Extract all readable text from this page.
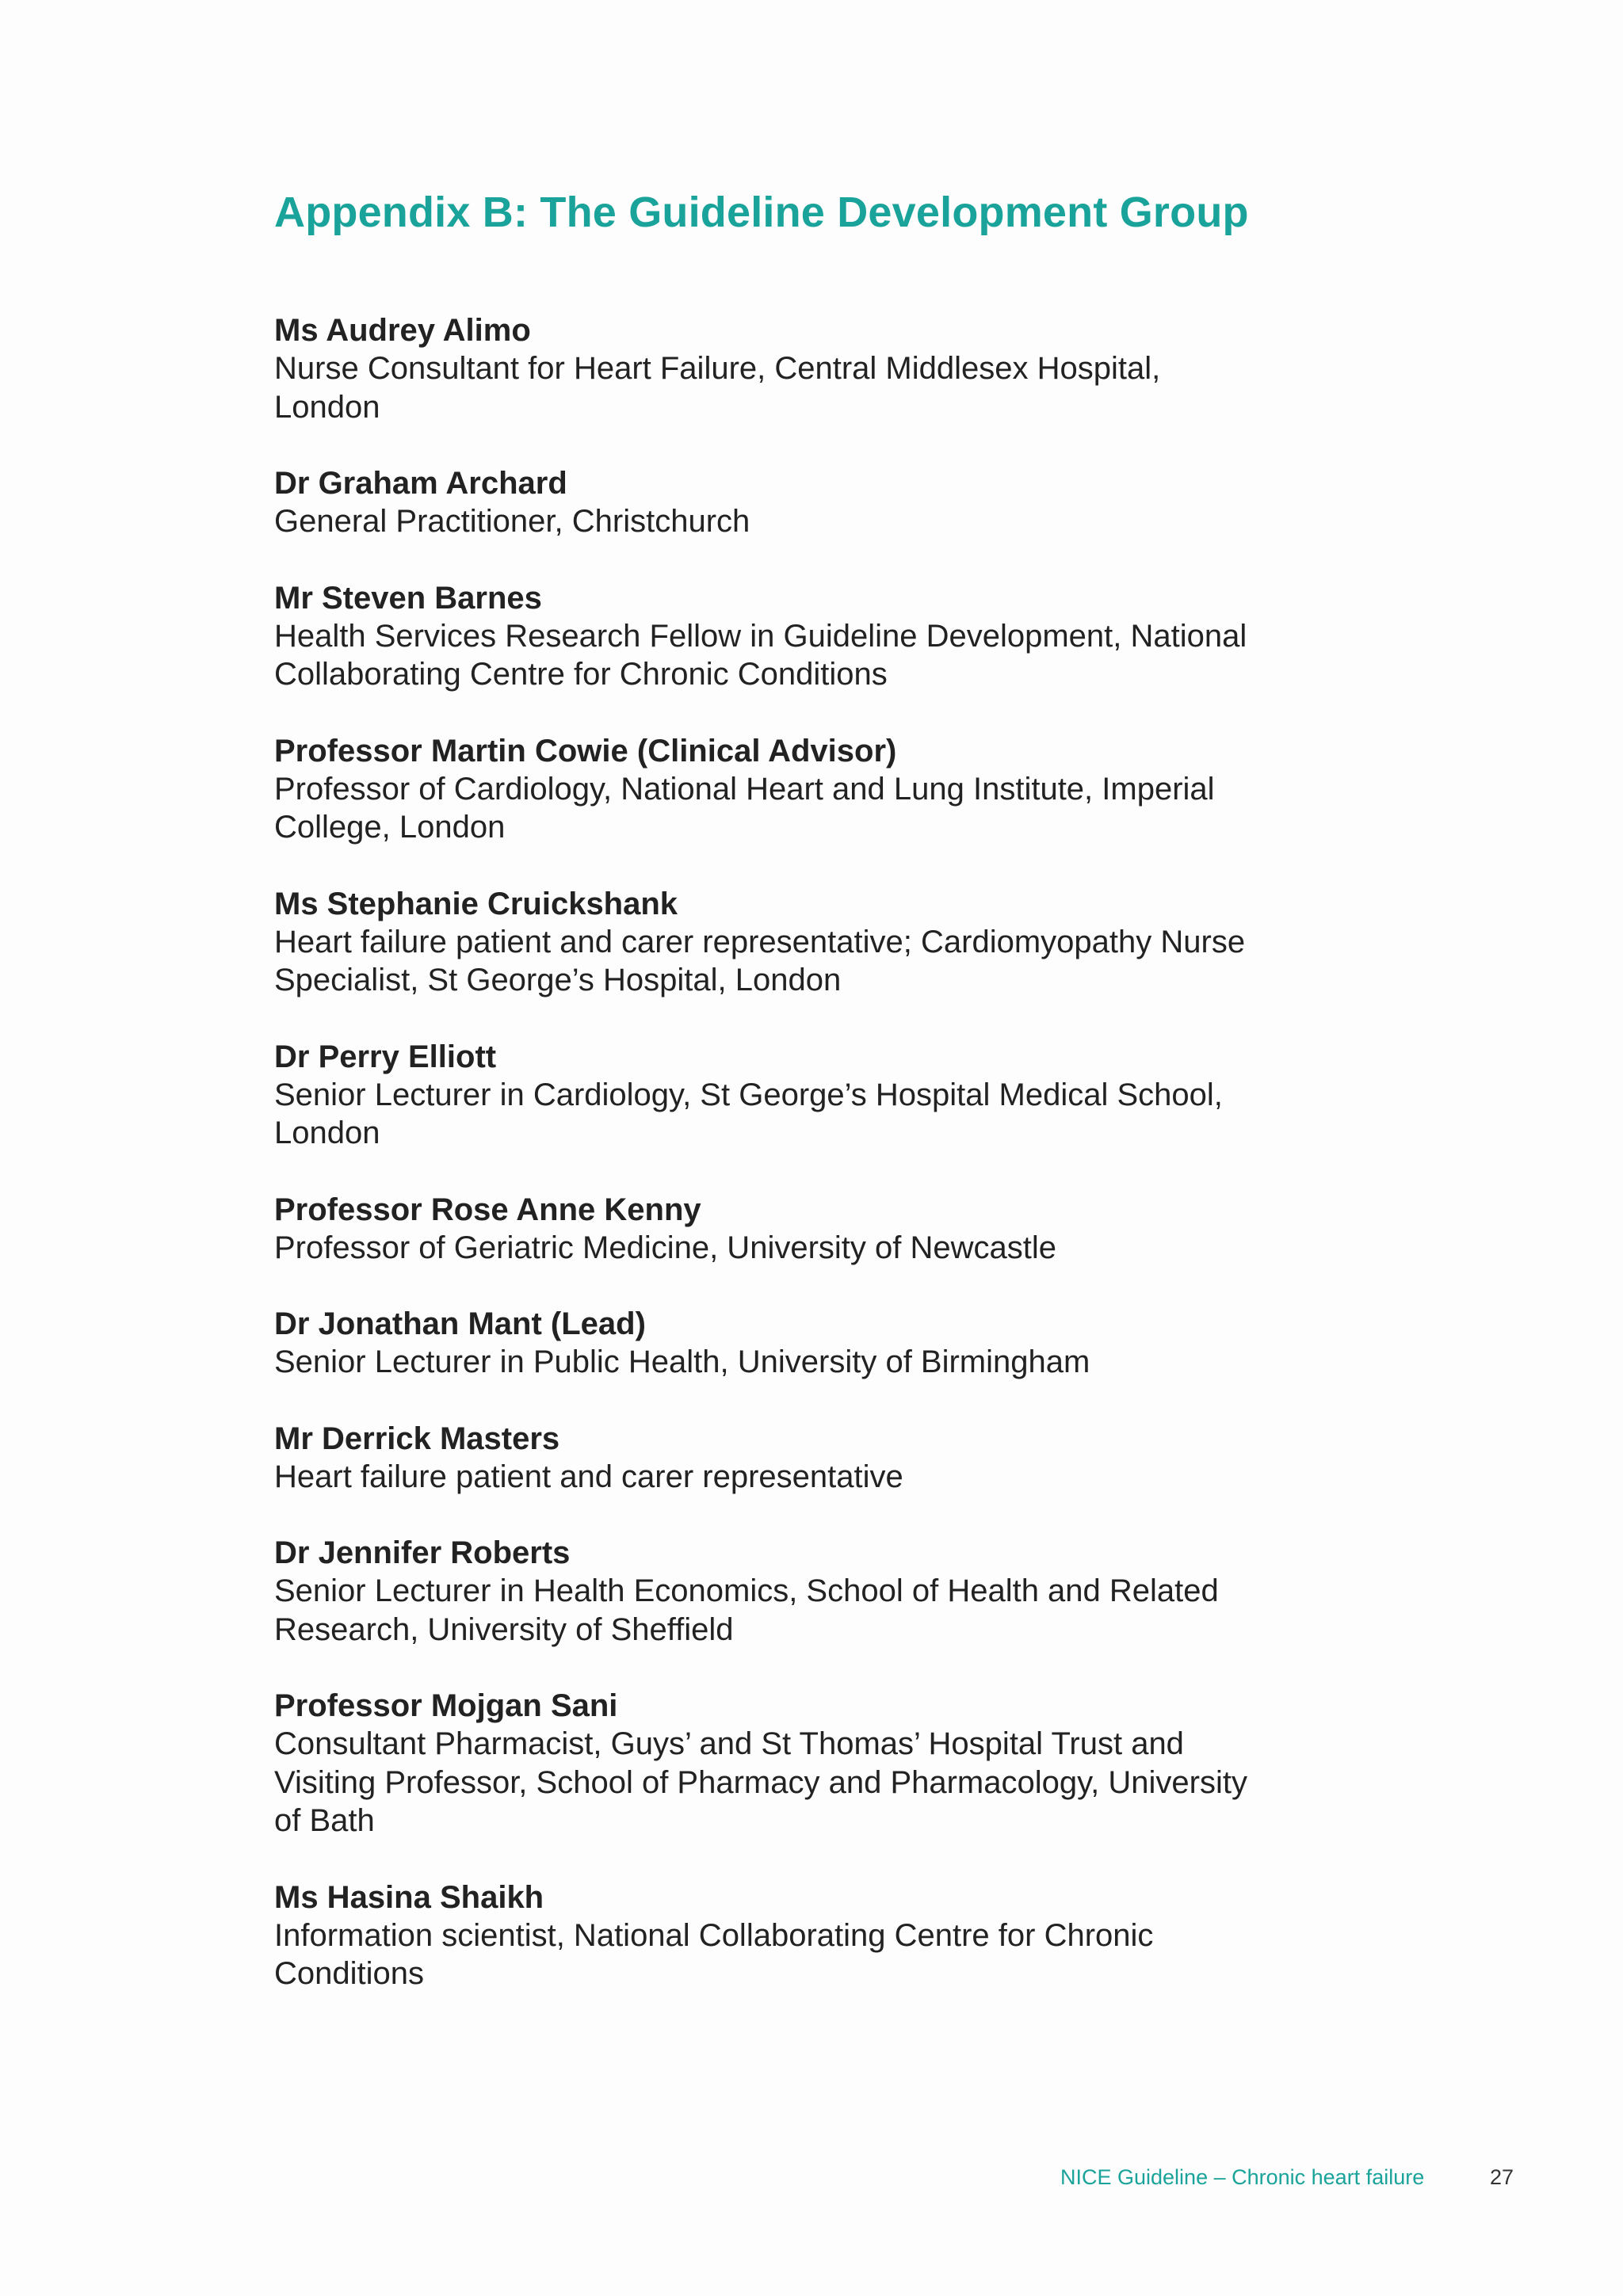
Appendix B: The Guideline Development Group
Ms Audrey Alimo
Nurse Consultant for Heart Failure, Central Middlesex Hospital,
London
Dr Graham Archard
General Practitioner, Christchurch
Mr Steven Barnes
Health Services Research Fellow in Guideline Development, National
Collaborating Centre for Chronic Conditions
Professor Martin Cowie (Clinical Advisor)
Professor of Cardiology, National Heart and Lung Institute, Imperial
College, London
Ms Stephanie Cruickshank
Heart failure patient and carer representative; Cardiomyopathy Nurse
Specialist, St George’s Hospital, London
Dr Perry Elliott
Senior Lecturer in Cardiology, St George’s Hospital Medical School,
London
Professor Rose Anne Kenny
Professor of Geriatric Medicine, University of Newcastle
Dr Jonathan Mant (Lead)
Senior Lecturer in Public Health, University of Birmingham
Mr Derrick Masters
Heart failure patient and carer representative
Dr Jennifer Roberts
Senior Lecturer in Health Economics, School of Health and Related
Research, University of Sheffield
Professor Mojgan Sani
Consultant Pharmacist, Guys’ and St Thomas’ Hospital Trust and
Visiting Professor, School of Pharmacy and Pharmacology, University
of Bath
Ms Hasina Shaikh
Information scientist, National Collaborating Centre for Chronic
Conditions
NICE Guideline – Chronic heart failure	27
